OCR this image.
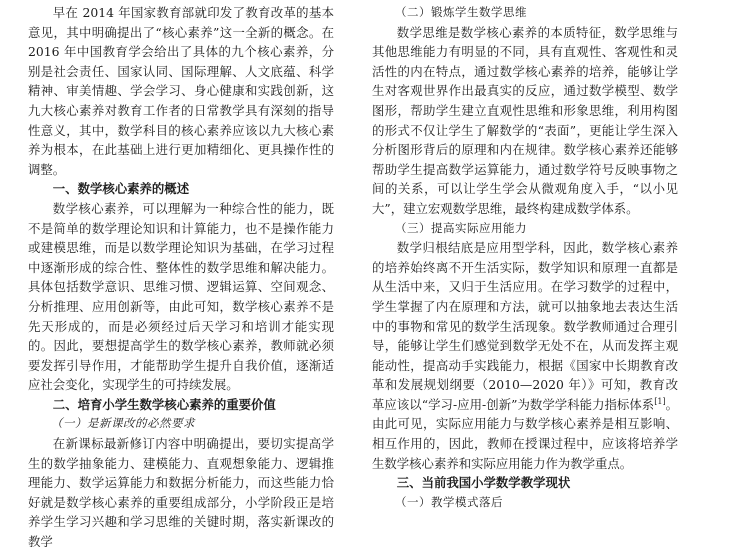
早在 2014 年国家教育部就印发了教育改革的基本意见，其中明确提出了“核心素养”这一全新的概念。在 2016 年中国教育学会给出了具体的九个核心素养，分别是社会责任、国家认同、国际理解、人文底蕴、科学精神、审美情趣、学会学习、身心健康和实践创新，这九大核心素养对教育工作者的日常教学具有深刻的指导性意义，其中，数学科目的核心素养应该以九大核心素养为根本，在此基础上进行更加精细化、更具操作性的调整。

一、数学核心素养的概述

数学核心素养，可以理解为一种综合性的能力，既不是简单的数学理论知识和计算能力，也不是操作能力或建模思维，而是以数学理论知识为基础，在学习过程中逐渐形成的综合性、整体性的数学思维和解决能力。具体包括数学意识、思维习惯、逻辑运算、空间观念、分析推理、应用创新等，由此可知，数学核心素养不是先天形成的，而是必须经过后天学习和培训才能实现的。因此，要想提高学生的数学核心素养，教师就必须要发挥引导作用，才能帮助学生提升自我价值，逐渐适应社会变化，实现学生的可持续发展。

二、培育小学生数学核心素养的重要价值

（一）是新课改的必然要求

在新课标最新修订内容中明确提出，要切实提高学生的数学抽象能力、建模能力、直观想象能力、逻辑推理能力、数学运算能力和数据分析能力，而这些能力恰好就是数学核心素养的重要组成部分，小学阶段正是培养学生学习兴趣和学习思维的关键时期，落实新课改的教学

（二）锻炼学生数学思维

数学思维是数学核心素养的本质特征，数学思维与其他思维能力有明显的不同，具有直观性、客观性和灵活性的内在特点，通过数学核心素养的培养，能够让学生对客观世界作出最真实的反应，通过数学模型、数学图形，帮助学生建立直观性思维和形象思维，利用构图的形式不仅让学生了解数学的“表面”，更能让学生深入分析图形背后的原理和内在规律。数学核心素养还能够帮助学生提高数学运算能力，通过数学符号反映事物之间的关系，可以让学生学会从微观角度入手，“以小见大”，建立宏观数学思维，最终构建成数学体系。

（三）提高实际应用能力

数学归根结底是应用型学科，因此，数学核心素养的培养始终离不开生活实际，数学知识和原理一直都是从生活中来，又归于生活应用。在学习数学的过程中，学生掌握了内在原理和方法，就可以抽象地去表达生活中的事物和常见的数学生活现象。数学教师通过合理引导，能够让学生们感觉到数学无处不在，从而发挥主观能动性，提高动手实践能力，根据《国家中长期教育改革和发展规划纲要（2010—2020 年）》可知，教育改革应该以“学习-应用-创新”为数学学科能力指标体系[1]。由此可见，实际应用能力与数学核心素养是相互影响、相互作用的，因此，教师在授课过程中，应该将培养学生数学核心素养和实际应用能力作为教学重点。

三、当前我国小学数学教学现状

（一）教学模式落后
